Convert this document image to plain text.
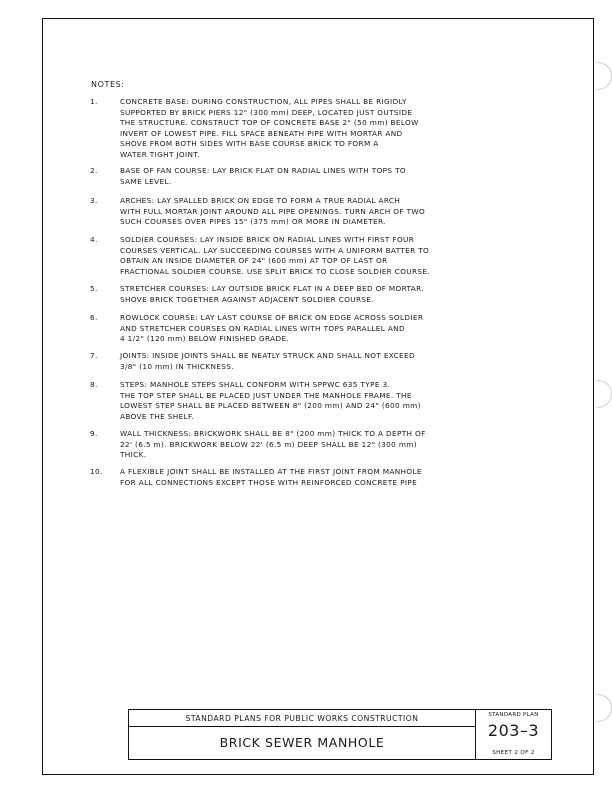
NOTES:
1.	CONCRETE BASE: DURING CONSTRUCTION, ALL PIPES SHALL BE RIGIDLY
SUPPORTED BY BRICK PIERS 12" (300 mm) DEEP, LOCATED JUST OUTSIDE
THE STRUCTURE. CONSTRUCT TOP OF CONCRETE BASE 2" (50 mm) BELOW
INVERT OF LOWEST PIPE. FILL SPACE BENEATH PIPE WITH MORTAR AND
SHOVE FROM BOTH SIDES WITH BASE COURSE BRICK TO FORM A
WATER TIGHT JOINT.
2.	BASE OF FAN COURSE: LAY BRICK FLAT ON RADIAL LINES WITH TOPS TO
SAME LEVEL.
3.	ARCHES: LAY SPALLED BRICK ON EDGE TO FORM A TRUE RADIAL ARCH
WITH FULL MORTAR JOINT AROUND ALL PIPE OPENINGS. TURN ARCH OF TWO
SUCH COURSES OVER PIPES 15" (375 mm) OR MORE IN DIAMETER.
4.	SOLDIER COURSES: LAY INSIDE BRICK ON RADIAL LINES WITH FIRST FOUR
COURSES VERTICAL. LAY SUCCEEDING COURSES WITH A UNIFORM BATTER TO
OBTAIN AN INSIDE DIAMETER OF 24" (600 mm) AT TOP OF LAST OR
FRACTIONAL SOLDIER COURSE. USE SPLIT BRICK TO CLOSE SOLDIER COURSE.
5.	STRETCHER COURSES: LAY OUTSIDE BRICK FLAT IN A DEEP BED OF MORTAR.
SHOVE BRICK TOGETHER AGAINST ADJACENT SOLDIER COURSE.
6.	ROWLOCK COURSE: LAY LAST COURSE OF BRICK ON EDGE ACROSS SOLDIER
AND STRETCHER COURSES ON RADIAL LINES WITH TOPS PARALLEL AND
4 1/2" (120 mm) BELOW FINISHED GRADE.
7.	JOINTS: INSIDE JOINTS SHALL BE NEATLY STRUCK AND SHALL NOT EXCEED
3/8" (10 mm) IN THICKNESS.
8.	STEPS: MANHOLE STEPS SHALL CONFORM WITH SPPWC 635 TYPE 3.
THE TOP STEP SHALL BE PLACED JUST UNDER THE MANHOLE FRAME. THE
LOWEST STEP SHALL BE PLACED BETWEEN 8" (200 mm) AND 24" (600 mm)
ABOVE THE SHELF.
9.	WALL THICKNESS: BRICKWORK SHALL BE 8" (200 mm) THICK TO A DEPTH OF
22' (6.5 m). BRICKWORK BELOW 22' (6.5 m) DEEP SHALL BE 12" (300 mm)
THICK.
10.	A FLEXIBLE JOINT SHALL BE INSTALLED AT THE FIRST JOINT FROM MANHOLE
FOR ALL CONNECTIONS EXCEPT THOSE WITH REINFORCED CONCRETE PIPE
STANDARD PLANS FOR PUBLIC WORKS CONSTRUCTION
BRICK SEWER MANHOLE
STANDARD PLAN
203–3
SHEET 2 OF 2
